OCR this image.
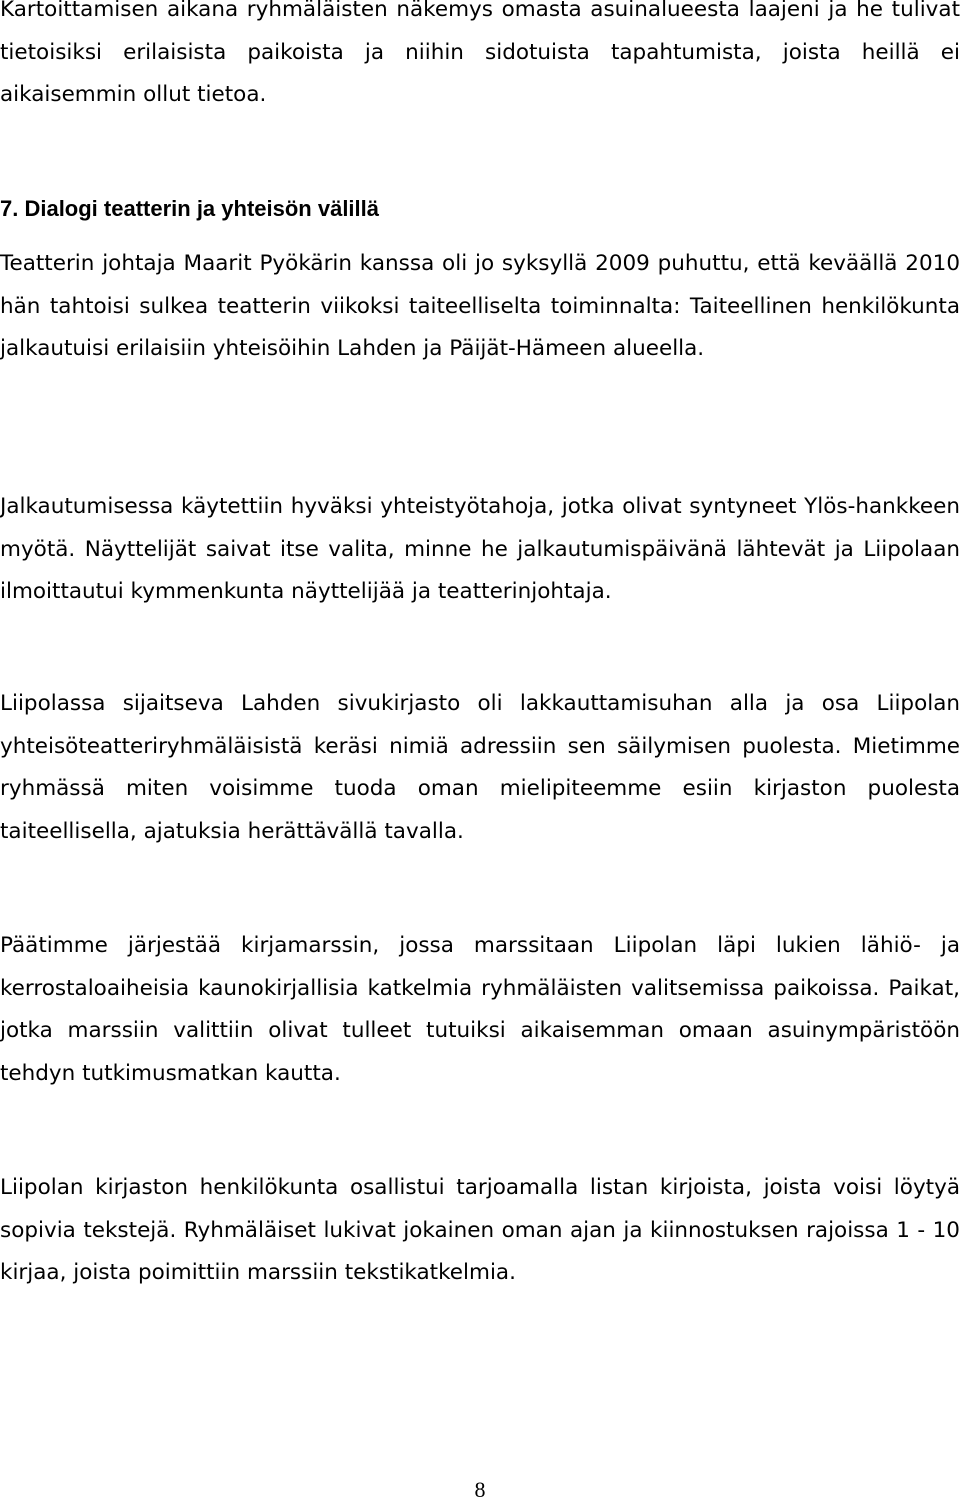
Kartoittamisen aikana ryhmäläisten näkemys omasta asuinalueesta laajeni ja he tulivat tietoisiksi erilaisista paikoista ja niihin sidotuista tapahtumista, joista heillä ei aikaisemmin ollut tietoa.

7. Dialogi teatterin ja yhteisön välillä

Teatterin johtaja Maarit Pyökärin kanssa oli jo syksyllä 2009 puhuttu, että keväällä 2010 hän tahtoisi sulkea teatterin viikoksi taiteelliselta toiminnalta: Taiteellinen henkilökunta jalkautuisi erilaisiin yhteisöihin Lahden ja Päijät-Hämeen alueella.

Jalkautumisessa käytettiin hyväksi yhteistyötahoja, jotka olivat syntyneet Ylös-hankkeen myötä. Näyttelijät saivat itse valita, minne he jalkautumispäivänä lähtevät ja Liipolaan ilmoittautui kymmenkunta näyttelijää ja teatterinjohtaja.

Liipolassa sijaitseva Lahden sivukirjasto oli lakkauttamisuhan alla ja osa Liipolan yhteisöteatteriryhmäläisistä keräsi nimiä adressiin sen säilymisen puolesta. Mietimme ryhmässä miten voisimme tuoda oman mielipiteemme esiin kirjaston puolesta taiteellisella, ajatuksia herättävällä tavalla.

Päätimme järjestää kirjamarssin, jossa marssitaan Liipolan läpi lukien lähiö- ja kerrostaloaiheisia kaunokirjallisia katkelmia ryhmäläisten valitsemissa paikoissa. Paikat, jotka marssiin valittiin olivat tulleet tutuiksi aikaisemman omaan asuinympäristöön tehdyn tutkimusmatkan kautta.

Liipolan kirjaston henkilökunta osallistui tarjoamalla listan kirjoista, joista voisi löytyä sopivia tekstejä. Ryhmäläiset lukivat jokainen oman ajan ja kiinnostuksen rajoissa 1 - 10 kirjaa, joista poimittiin marssiin tekstikatkelmia.

8
